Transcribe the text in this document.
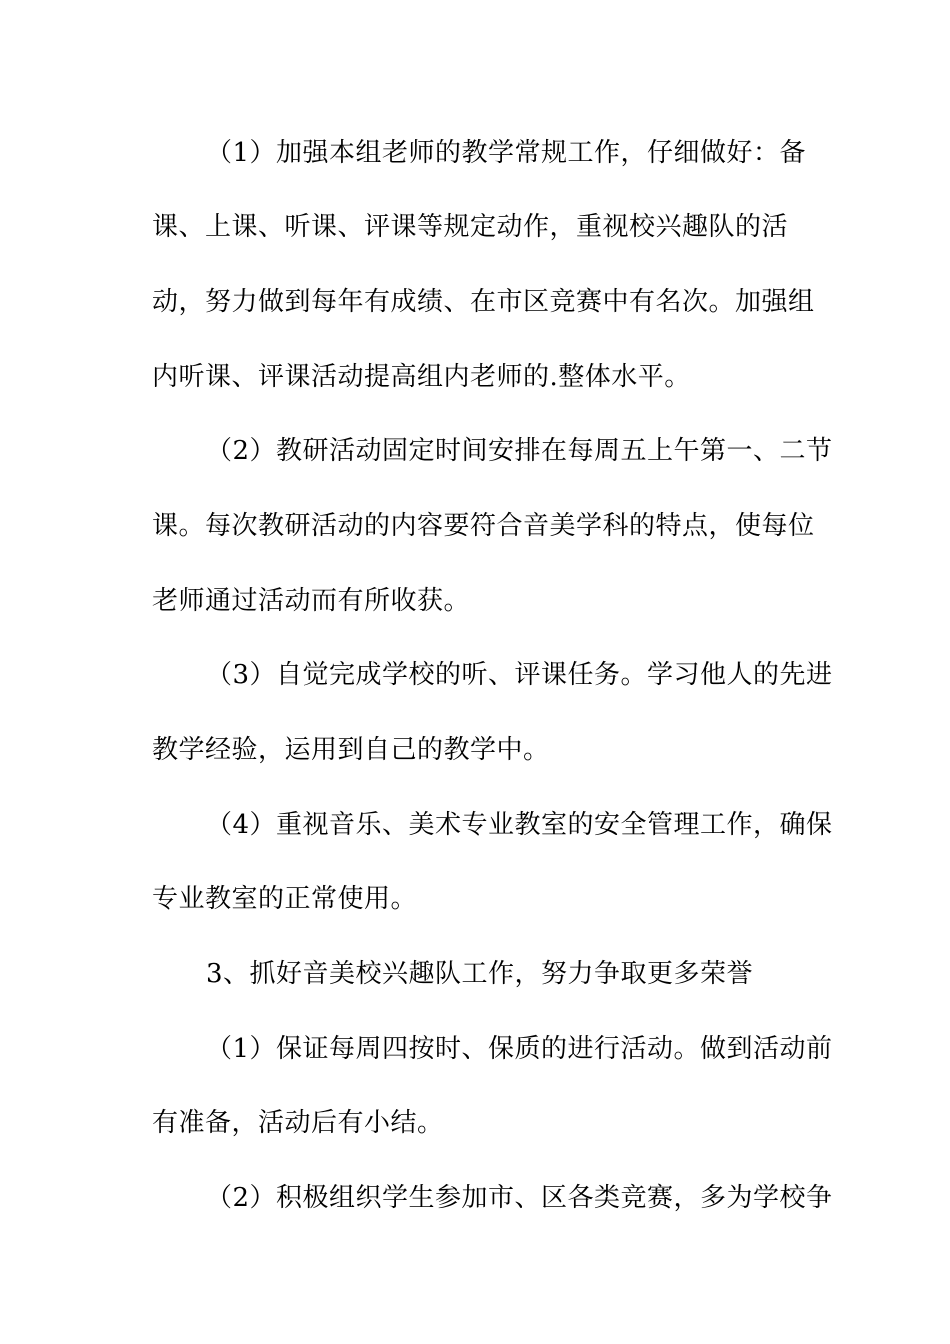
（1）加强本组老师的教学常规工作，仔细做好：备

课、上课、听课、评课等规定动作，重视校兴趣队的活

动，努力做到每年有成绩、在市区竞赛中有名次。加强组

内听课、评课活动提高组内老师的.整体水平。

（2）教研活动固定时间安排在每周五上午第一、二节

课。每次教研活动的内容要符合音美学科的特点，使每位

老师通过活动而有所收获。

（3）自觉完成学校的听、评课任务。学习他人的先进

教学经验，运用到自己的教学中。

（4）重视音乐、美术专业教室的安全管理工作，确保

专业教室的正常使用。

3、抓好音美校兴趣队工作，努力争取更多荣誉

（1）保证每周四按时、保质的进行活动。做到活动前

有准备，活动后有小结。

（2）积极组织学生参加市、区各类竞赛，多为学校争
